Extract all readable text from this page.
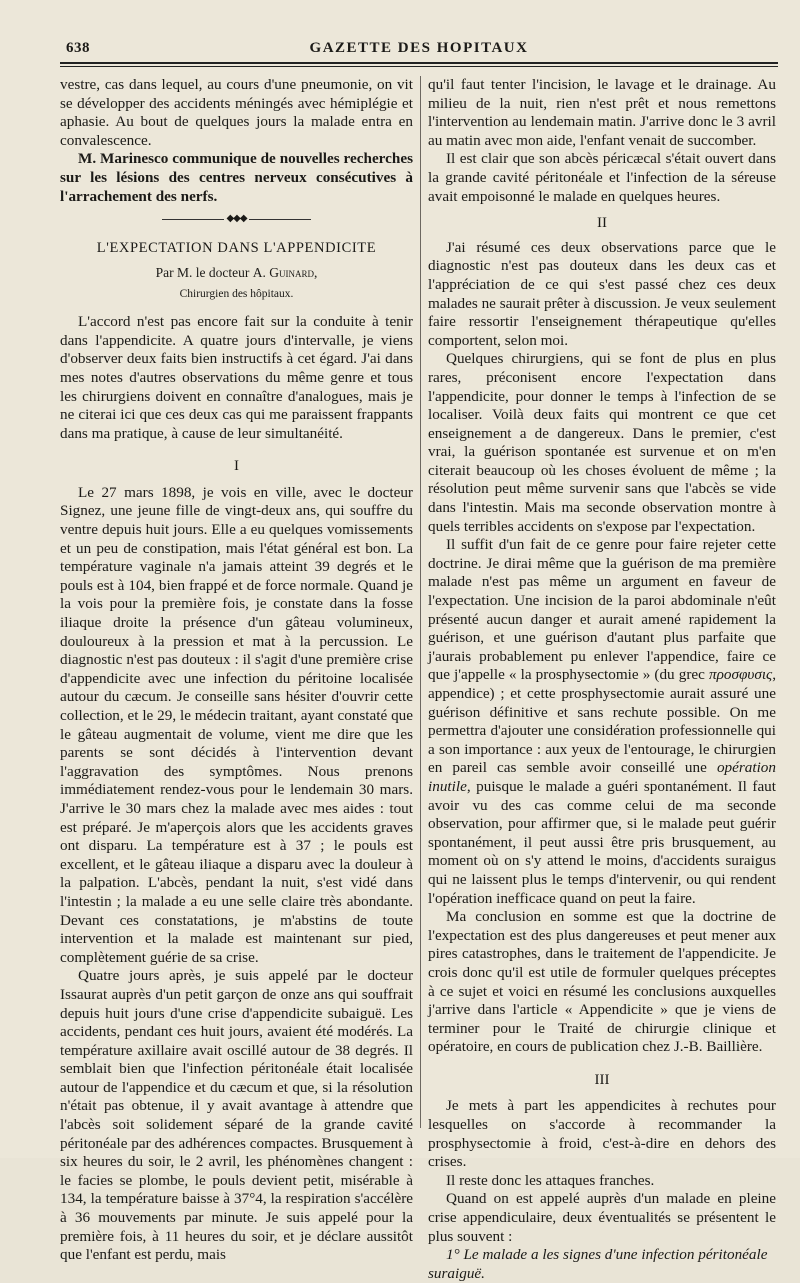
638	GAZETTE DES HOPITAUX

vestre, cas dans lequel, au cours d'une pneumonie, on vit se développer des accidents méningés avec hémiplégie et aphasie. Au bout de quelques jours la malade entra en convalescence.

M. Marinesco communique de nouvelles recherches sur les lésions des centres nerveux consécutives à l'arrachement des nerfs.

◆◆◆
L'EXPECTATION DANS L'APPENDICITE
Par M. le docteur A. Guinard,
Chirurgien des hôpitaux.

L'accord n'est pas encore fait sur la conduite à tenir dans l'appendicite. A quatre jours d'intervalle, je viens d'observer deux faits bien instructifs à cet égard. J'ai dans mes notes d'autres observations du même genre et tous les chirurgiens doivent en connaître d'analogues, mais je ne citerai ici que ces deux cas qui me paraissent frappants dans ma pratique, à cause de leur simultanéité.

I

Le 27 mars 1898, je vois en ville, avec le docteur Signez, une jeune fille de vingt-deux ans, qui souffre du ventre depuis huit jours. Elle a eu quelques vomissements et un peu de constipation, mais l'état général est bon. La température vaginale n'a jamais atteint 39 degrés et le pouls est à 104, bien frappé et de force normale. Quand je la vois pour la première fois, je constate dans la fosse iliaque droite la présence d'un gâteau volumineux, douloureux à la pression et mat à la percussion. Le diagnostic n'est pas douteux : il s'agit d'une première crise d'appendicite avec une infection du péritoine localisée autour du cæcum. Je conseille sans hésiter d'ouvrir cette collection, et le 29, le médecin traitant, ayant constaté que le gâteau augmentait de volume, vient me dire que les parents se sont décidés à l'intervention devant l'aggravation des symptômes. Nous prenons immédiatement rendez-vous pour le lendemain 30 mars. J'arrive le 30 mars chez la malade avec mes aides : tout est préparé. Je m'aperçois alors que les accidents graves ont disparu. La température est à 37 ; le pouls est excellent, et le gâteau iliaque a disparu avec la douleur à la palpation. L'abcès, pendant la nuit, s'est vidé dans l'intestin ; la malade a eu une selle claire très abondante. Devant ces constatations, je m'abstins de toute intervention et la malade est maintenant sur pied, complètement guérie de sa crise.

Quatre jours après, je suis appelé par le docteur Issaurat auprès d'un petit garçon de onze ans qui souffrait depuis huit jours d'une crise d'appendicite subaiguë. Les accidents, pendant ces huit jours, avaient été modérés. La température axillaire avait oscillé autour de 38 degrés. Il semblait bien que l'infection péritonéale était localisée autour de l'appendice et du cæcum et que, si la résolution n'était pas obtenue, il y avait avantage à attendre que l'abcès soit solidement séparé de la grande cavité péritonéale par des adhérences compactes. Brusquement à six heures du soir, le 2 avril, les phénomènes changent : le facies se plombe, le pouls devient petit, misérable à 134, la température baisse à 37°4, la respiration s'accélère à 36 mouvements par minute. Je suis appelé pour la première fois, à 11 heures du soir, et je déclare aussitôt que l'enfant est perdu, mais

qu'il faut tenter l'incision, le lavage et le drainage. Au milieu de la nuit, rien n'est prêt et nous remettons l'intervention au lendemain matin. J'arrive donc le 3 avril au matin avec mon aide, l'enfant venait de succomber.

Il est clair que son abcès péricæcal s'était ouvert dans la grande cavité péritonéale et l'infection de la séreuse avait empoisonné le malade en quelques heures.

II

J'ai résumé ces deux observations parce que le diagnostic n'est pas douteux dans les deux cas et l'appréciation de ce qui s'est passé chez ces deux malades ne saurait prêter à discussion. Je veux seulement faire ressortir l'enseignement thérapeutique qu'elles comportent, selon moi.

Quelques chirurgiens, qui se font de plus en plus rares, préconisent encore l'expectation dans l'appendicite, pour donner le temps à l'infection de se localiser. Voilà deux faits qui montrent ce que cet enseignement a de dangereux. Dans le premier, c'est vrai, la guérison spontanée est survenue et on m'en citerait beaucoup où les choses évoluent de même ; la résolution peut même survenir sans que l'abcès se vide dans l'intestin. Mais ma seconde observation montre à quels terribles accidents on s'expose par l'expectation.

Il suffit d'un fait de ce genre pour faire rejeter cette doctrine. Je dirai même que la guérison de ma première malade n'est pas même un argument en faveur de l'expectation. Une incision de la paroi abdominale n'eût présenté aucun danger et aurait amené rapidement la guérison, et une guérison d'autant plus parfaite que j'aurais probablement pu enlever l'appendice, faire ce que j'appelle « la prosphysectomie » (du grec προσφυσις, appendice) ; et cette prosphysectomie aurait assuré une guérison définitive et sans rechute possible. On me permettra d'ajouter une considération professionnelle qui a son importance : aux yeux de l'entourage, le chirurgien en pareil cas semble avoir conseillé une opération inutile, puisque le malade a guéri spontanément. Il faut avoir vu des cas comme celui de ma seconde observation, pour affirmer que, si le malade peut guérir spontanément, il peut aussi être pris brusquement, au moment où on s'y attend le moins, d'accidents suraigus qui ne laissent plus le temps d'intervenir, ou qui rendent l'opération inefficace quand on peut la faire.

Ma conclusion en somme est que la doctrine de l'expectation est des plus dangereuses et peut mener aux pires catastrophes, dans le traitement de l'appendicite. Je crois donc qu'il est utile de formuler quelques préceptes à ce sujet et voici en résumé les conclusions auxquelles j'arrive dans l'article « Appendicite » que je viens de terminer pour le Traité de chirurgie clinique et opératoire, en cours de publication chez J.-B. Baillière.

III

Je mets à part les appendicites à rechutes pour lesquelles on s'accorde à recommander la prosphysectomie à froid, c'est-à-dire en dehors des crises.

Il reste donc les attaques franches.

Quand on est appelé auprès d'un malade en pleine crise appendiculaire, deux éventualités se présentent le plus souvent :

1° Le malade a les signes d'une infection péritonéale suraiguë.
